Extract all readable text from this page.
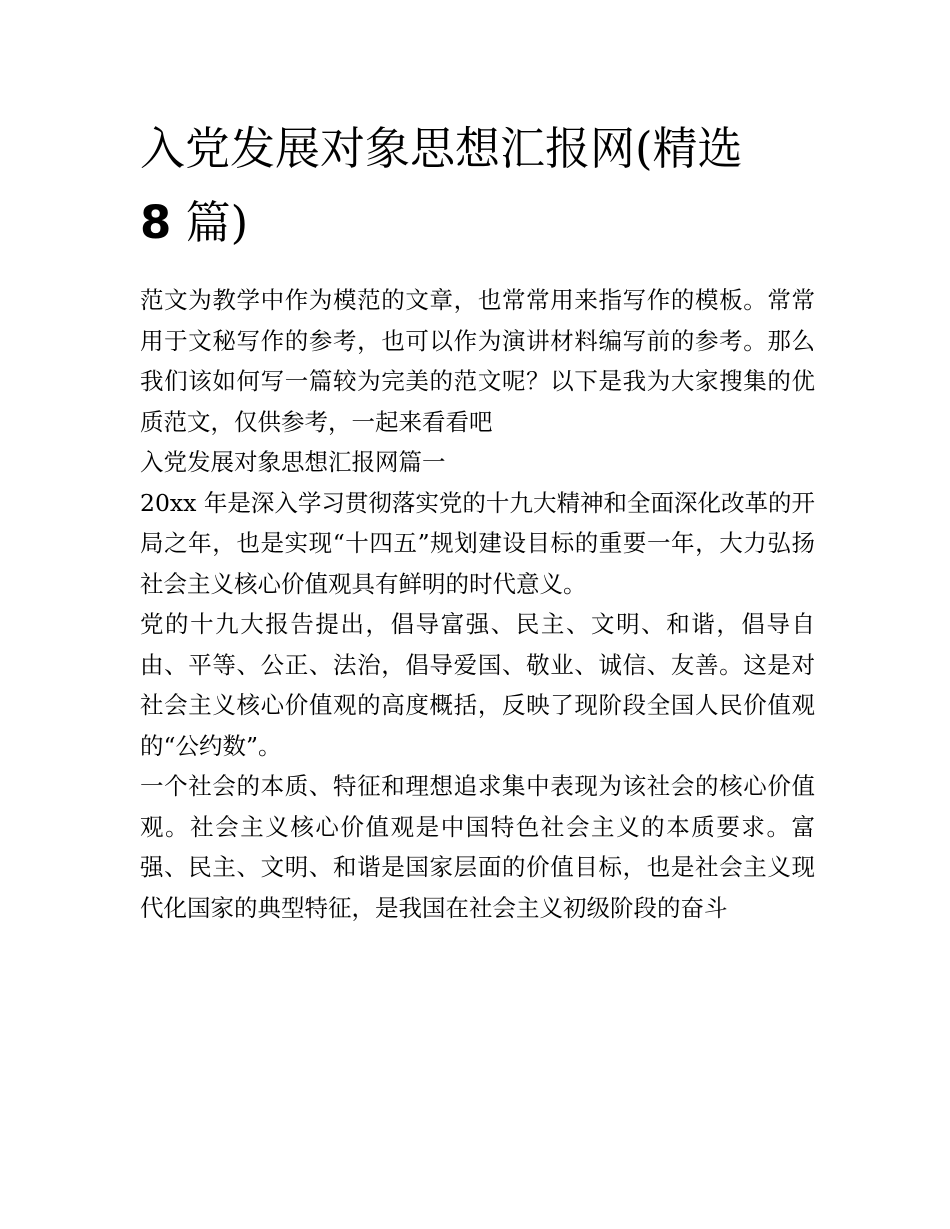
入党发展对象思想汇报网(精选
8 篇)

范文为教学中作为模范的文章，也常常用来指写作的模板。常常用于文秘写作的参考，也可以作为演讲材料编写前的参考。那么我们该如何写一篇较为完美的范文呢？以下是我为大家搜集的优质范文，仅供参考，一起来看看吧

入党发展对象思想汇报网篇一

20xx 年是深入学习贯彻落实党的十九大精神和全面深化改革的开局之年，也是实现“十四五”规划建设目标的重要一年，大力弘扬社会主义核心价值观具有鲜明的时代意义。

党的十九大报告提出，倡导富强、民主、文明、和谐，倡导自由、平等、公正、法治，倡导爱国、敬业、诚信、友善。这是对社会主义核心价值观的高度概括，反映了现阶段全国人民价值观的“公约数”。

一个社会的本质、特征和理想追求集中表现为该社会的核心价值观。社会主义核心价值观是中国特色社会主义的本质要求。富强、民主、文明、和谐是国家层面的价值目标，也是社会主义现代化国家的典型特征，是我国在社会主义初级阶段的奋斗
